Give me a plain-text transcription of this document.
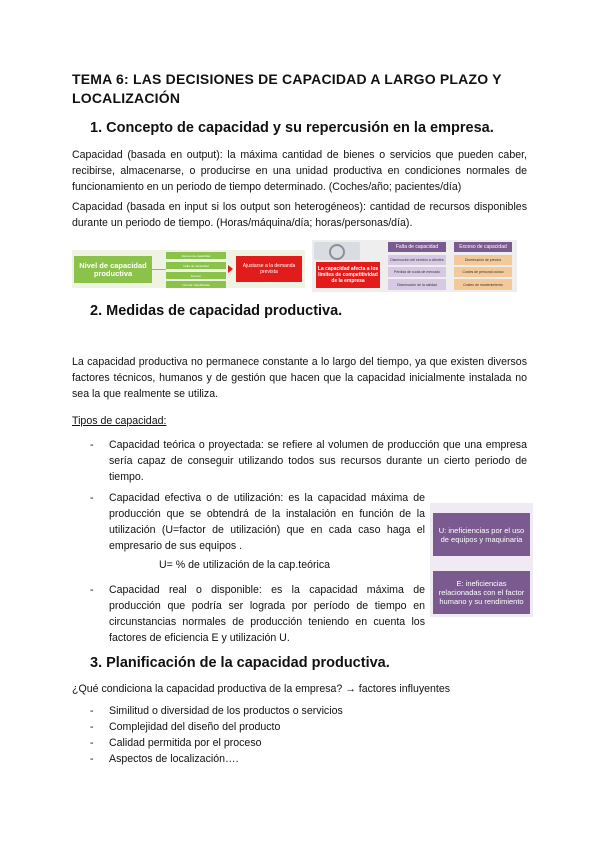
TEMA 6: LAS DECISIONES DE CAPACIDAD A LARGO PLAZO Y LOCALIZACIÓN
1. Concepto de capacidad y su repercusión en la empresa.
Capacidad (basada en output): la máxima cantidad de bienes o servicios que pueden caber, recibirse, almacenarse, o producirse en una unidad productiva en condiciones normales de funcionamiento en un periodo de tiempo determinado. (Coches/año; pacientes/día)
Capacidad (basada en input si los output son heterogéneos): cantidad de recursos disponibles durante un periodo de tiempo. (Horas/máquina/día; horas/personas/día).
Nivel de capacidad productiva
Exceso de capacidad
Falta de capacidad
Exceso
Normal / Equilibrada
Ajustarse a la demanda prevista	La capacidad afecta a los límites de competitividad de la empresa
Falta de capacidad
Disminución del servicio a clientes
Pérdida de cuota de mercado
Disminución de la calidad
Exceso de capacidad
Disminución de precios
Costes de personal ocioso
Costes de mantenimiento
2. Medidas de capacidad productiva.
La capacidad productiva no permanece constante a lo largo del tiempo, ya que existen diversos factores técnicos, humanos y de gestión que hacen que la capacidad inicialmente instalada no sea la que realmente se utiliza.
Tipos de capacidad:
- Capacidad teórica o proyectada: se refiere al volumen de producción que una empresa sería capaz de conseguir utilizando todos sus recursos durante un cierto periodo de tiempo.
- Capacidad efectiva o de utilización: es la capacidad máxima de producción que se obtendrá de la instalación en función de la utilización (U=factor de utilización) que en cada caso haga el empresario de sus equipos .
U= % de utilización de la cap.teórica
- Capacidad real o disponible: es la capacidad máxima de producción que podría ser lograda por período de tiempo en circunstancias normales de producción teniendo en cuenta los factores de eficiencia E y utilización U.
U: ineficiencias por el uso de equipos y maquinaria
E: ineficiencias relacionadas con el factor humano y su rendimiento
3. Planificación de la capacidad productiva.
¿Qué condiciona la capacidad productiva de la empresa? → factores influyentes
- Similitud o diversidad de los productos o servicios
- Complejidad del diseño del producto
- Calidad permitida por el proceso
- Aspectos de localización….
